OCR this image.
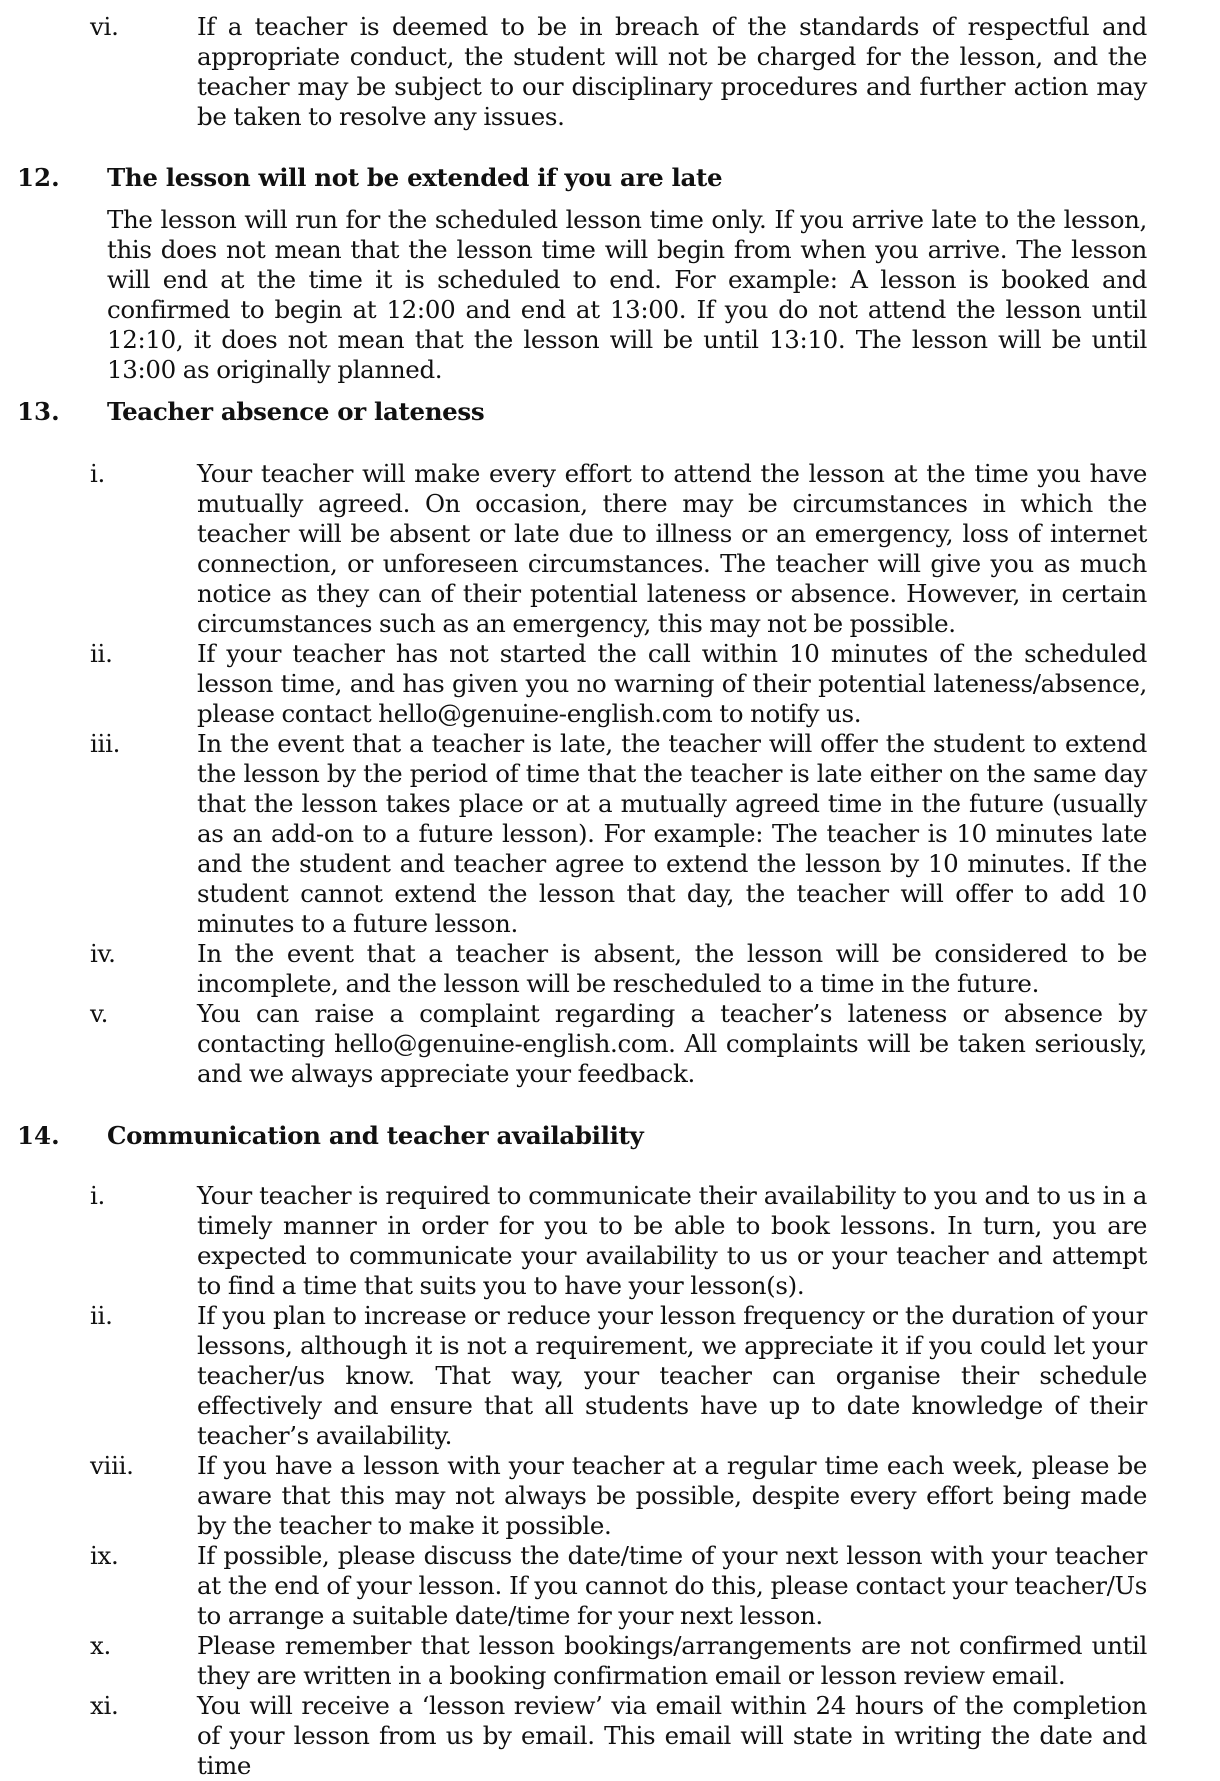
vi.	If a teacher is deemed to be in breach of the standards of respectful and appropriate conduct, the student will not be charged for the lesson, and the teacher may be subject to our disciplinary procedures and further action may be taken to resolve any issues.

12. The lesson will not be extended if you are late

The lesson will run for the scheduled lesson time only. If you arrive late to the lesson, this does not mean that the lesson time will begin from when you arrive. The lesson will end at the time it is scheduled to end. For example: A lesson is booked and confirmed to begin at 12:00 and end at 13:00. If you do not attend the lesson until 12:10, it does not mean that the lesson will be until 13:10. The lesson will be until 13:00 as originally planned.

13. Teacher absence or lateness
i.	Your teacher will make every effort to attend the lesson at the time you have mutually agreed. On occasion, there may be circumstances in which the teacher will be absent or late due to illness or an emergency, loss of internet connection, or unforeseen circumstances. The teacher will give you as much notice as they can of their potential lateness or absence. However, in certain circumstances such as an emergency, this may not be possible.

ii.	If your teacher has not started the call within 10 minutes of the scheduled lesson time, and has given you no warning of their potential lateness/absence, please contact hello@genuine-english.com to notify us.

iii.	In the event that a teacher is late, the teacher will offer the student to extend the lesson by the period of time that the teacher is late either on the same day that the lesson takes place or at a mutually agreed time in the future (usually as an add-on to a future lesson). For example: The teacher is 10 minutes late and the student and teacher agree to extend the lesson by 10 minutes. If the student cannot extend the lesson that day, the teacher will offer to add 10 minutes to a future lesson.

iv.	In the event that a teacher is absent, the lesson will be considered to be incomplete, and the lesson will be rescheduled to a time in the future.

v.	You can raise a complaint regarding a teacher’s lateness or absence by contacting hello@genuine-english.com. All complaints will be taken seriously, and we always appreciate your feedback.

14. Communication and teacher availability
i.	Your teacher is required to communicate their availability to you and to us in a timely manner in order for you to be able to book lessons. In turn, you are expected to communicate your availability to us or your teacher and attempt to find a time that suits you to have your lesson(s).

ii.	If you plan to increase or reduce your lesson frequency or the duration of your lessons, although it is not a requirement, we appreciate it if you could let your teacher/us know. That way, your teacher can organise their schedule effectively and ensure that all students have up to date knowledge of their teacher’s availability.

viii.	If you have a lesson with your teacher at a regular time each week, please be aware that this may not always be possible, despite every effort being made by the teacher to make it possible.

ix.	If possible, please discuss the date/time of your next lesson with your teacher at the end of your lesson. If you cannot do this, please contact your teacher/Us to arrange a suitable date/time for your next lesson.

x.	Please remember that lesson bookings/arrangements are not confirmed until they are written in a booking confirmation email or lesson review email.

xi.	You will receive a ‘lesson review’ via email within 24 hours of the completion of your lesson from us by email. This email will state in writing the date and time
